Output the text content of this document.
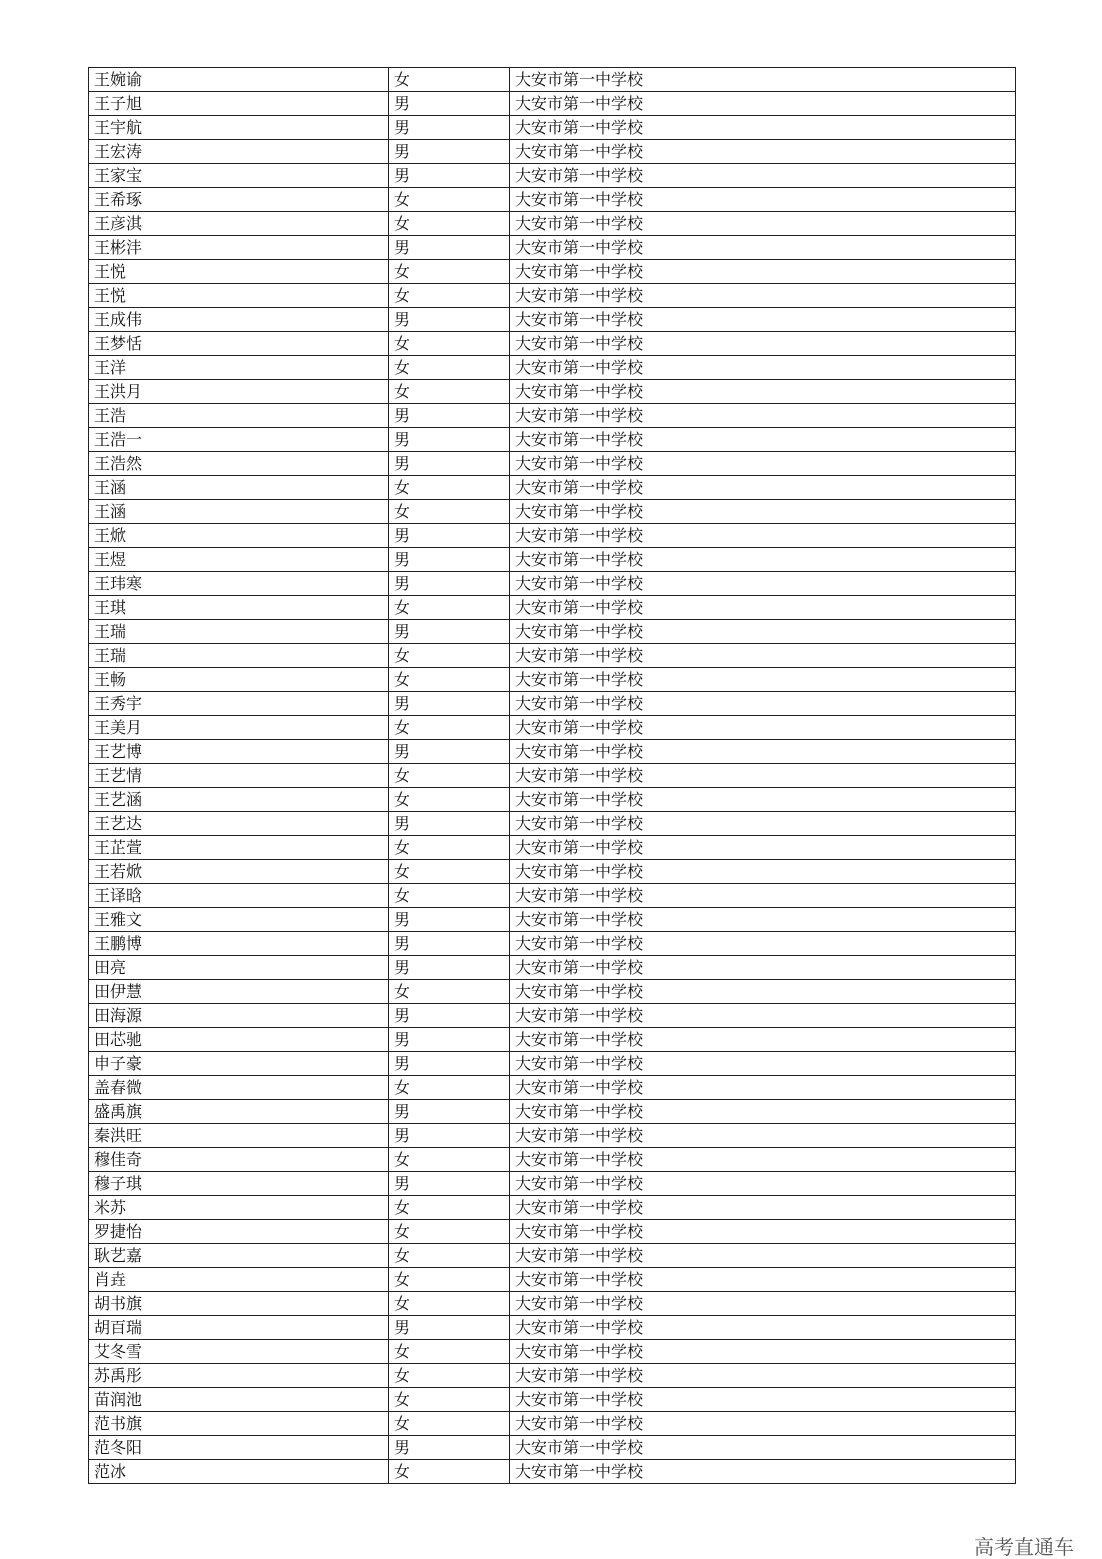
王婉谕	女	大安市第一中学校
王子旭	男	大安市第一中学校
王宇航	男	大安市第一中学校
王宏涛	男	大安市第一中学校
王家宝	男	大安市第一中学校
王希琢	女	大安市第一中学校
王彦淇	女	大安市第一中学校
王彬沣	男	大安市第一中学校
王悦	女	大安市第一中学校
王悦	女	大安市第一中学校
王成伟	男	大安市第一中学校
王梦恬	女	大安市第一中学校
王洋	女	大安市第一中学校
王洪月	女	大安市第一中学校
王浩	男	大安市第一中学校
王浩一	男	大安市第一中学校
王浩然	男	大安市第一中学校
王涵	女	大安市第一中学校
王涵	女	大安市第一中学校
王焮	男	大安市第一中学校
王煜	男	大安市第一中学校
王玮寒	男	大安市第一中学校
王琪	女	大安市第一中学校
王瑞	男	大安市第一中学校
王瑞	女	大安市第一中学校
王畅	女	大安市第一中学校
王秀宇	男	大安市第一中学校
王美月	女	大安市第一中学校
王艺博	男	大安市第一中学校
王艺情	女	大安市第一中学校
王艺涵	女	大安市第一中学校
王艺达	男	大安市第一中学校
王芷萱	女	大安市第一中学校
王若焮	女	大安市第一中学校
王译晗	女	大安市第一中学校
王雅文	男	大安市第一中学校
王鹏博	男	大安市第一中学校
田亮	男	大安市第一中学校
田伊慧	女	大安市第一中学校
田海源	男	大安市第一中学校
田芯驰	男	大安市第一中学校
申子豪	男	大安市第一中学校
盖春微	女	大安市第一中学校
盛禹旗	男	大安市第一中学校
秦洪旺	男	大安市第一中学校
穆佳奇	女	大安市第一中学校
穆子琪	男	大安市第一中学校
米苏	女	大安市第一中学校
罗捷怡	女	大安市第一中学校
耿艺嘉	女	大安市第一中学校
肖垚	女	大安市第一中学校
胡书旗	女	大安市第一中学校
胡百瑞	男	大安市第一中学校
艾冬雪	女	大安市第一中学校
苏禹彤	女	大安市第一中学校
苗润池	女	大安市第一中学校
范书旗	女	大安市第一中学校
范冬阳	男	大安市第一中学校
范冰	女	大安市第一中学校
高考直通车
